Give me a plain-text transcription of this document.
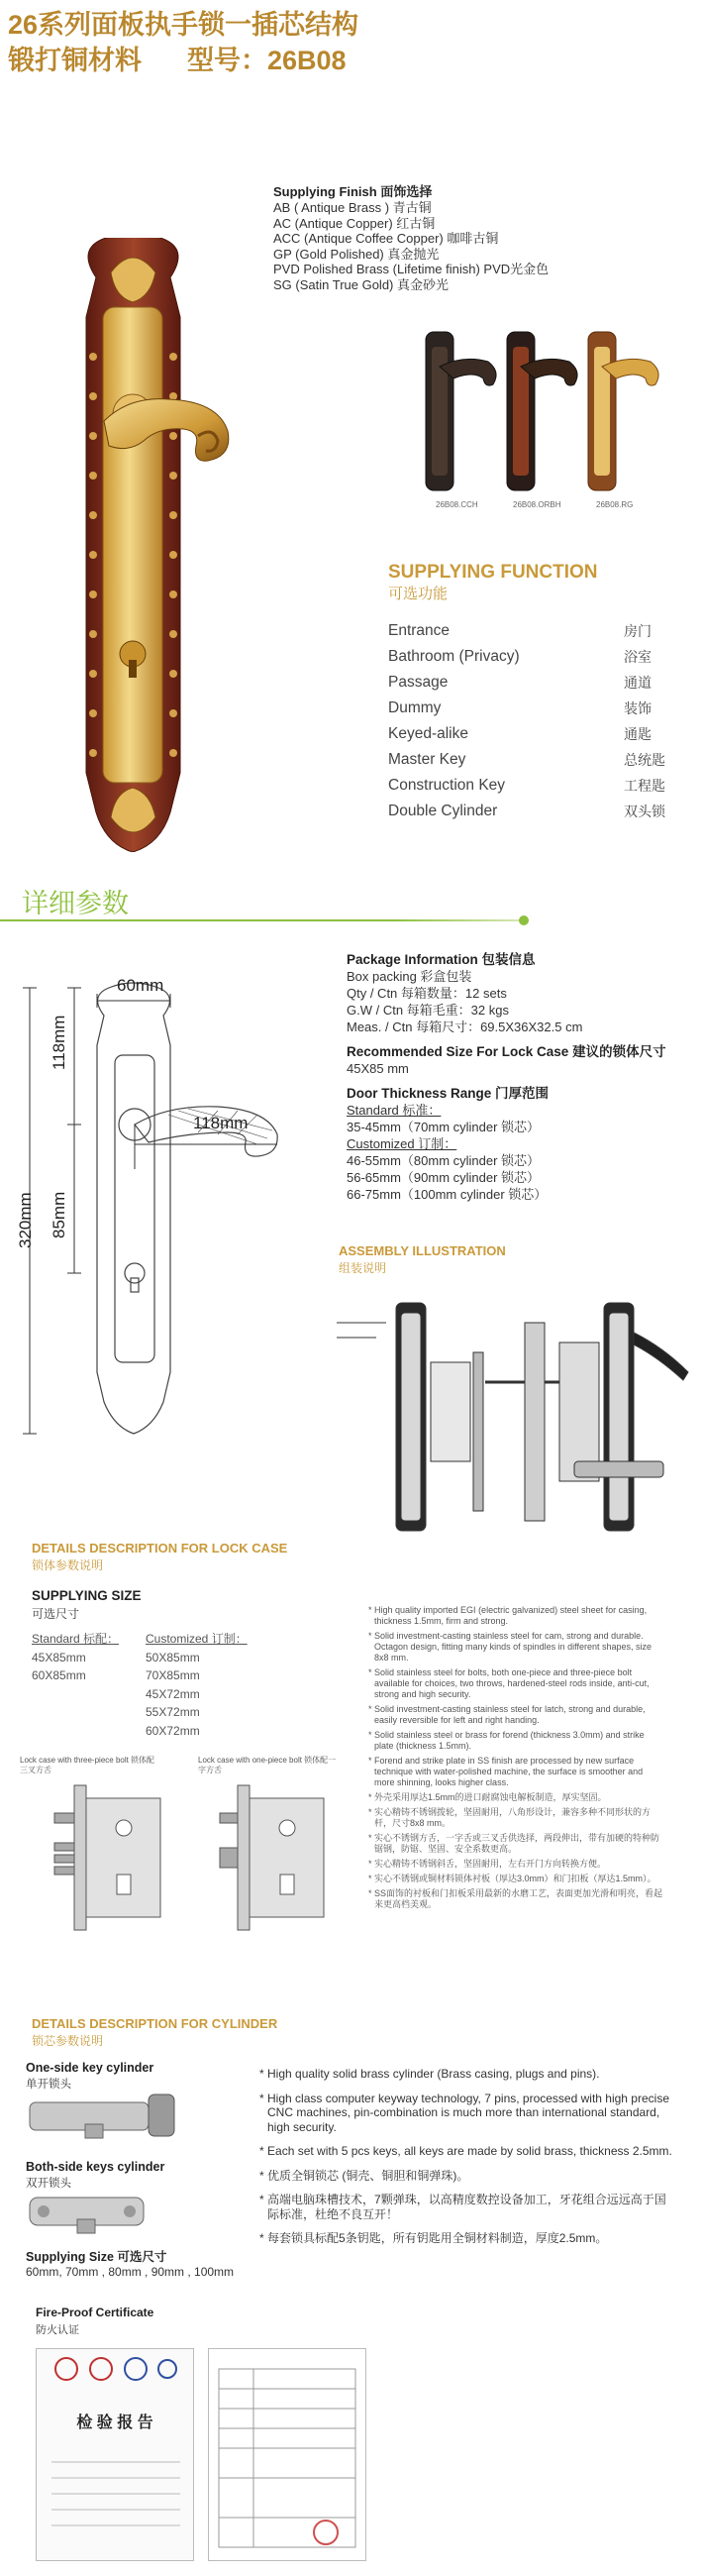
26系列面板执手锁一插芯结构
锻打铜材料 型号：26B08
Supplying Finish 面饰选择
AB ( Antique Brass ) 青古铜
AC (Antique Copper) 红古铜
ACC (Antique Coffee Copper) 咖啡古铜
GP (Gold Polished) 真金抛光
PVD Polished Brass (Lifetime finish) PVD光金色
SG (Satin True Gold) 真金砂光
26B08.CCH	26B08.ORBH	26B08.RG
SUPPLYING FUNCTION
可选功能
Entrance	房门
Bathroom (Privacy)	浴室
Passage	通道
Dummy	装饰
Keyed-alike	通匙
Master Key	总统匙
Construction Key	工程匙
Double Cylinder	双头锁
详细参数
60mm
118mm
118mm
320mm 85mm
Package Information 包装信息
Box packing 彩盒包装
Qty / Ctn 每箱数量：12 sets
G.W / Ctn 每箱毛重：32 kgs
Meas. / Ctn 每箱尺寸：69.5X36X32.5 cm
Recommended Size For Lock Case 建议的锁体尺寸
45X85 mm
Door Thickness Range 门厚范围
Standard 标准：
35-45mm（70mm cylinder 锁芯）
Customized 订制：
46-55mm（80mm cylinder 锁芯）
56-65mm（90mm cylinder 锁芯）
66-75mm（100mm cylinder 锁芯）
ASSEMBLY ILLUSTRATION
组装说明
DETAILS DESCRIPTION FOR LOCK CASE
锁体参数说明
SUPPLYING SIZE
可选尺寸
Standard 标配：
45X85mm
60X85mm
Customized 订制：
50X85mm
70X85mm
45X72mm
55X72mm
60X72mm
* High quality imported EGI (electric galvanized) steel sheet for casing, thickness 1.5mm, firm and strong.
* Solid investment-casting stainless steel for cam, strong and durable. Octagon design, fitting many kinds of spindles in different shapes, size 8x8 mm.
* Solid stainless steel for bolts, both one-piece and three-piece bolt available for choices, two throws, hardened-steel rods inside, anti-cut, strong and high security.
* Solid investment-casting stainless steel for latch, strong and durable, easily reversible for left and right handing.
* Solid stainless steel or brass for forend (thickness 3.0mm) and strike plate (thickness 1.5mm).
* Forend and strike plate in SS finish are processed by new surface technique with water-polished machine, the surface is smoother and more shinning, looks higher class.
* 外壳采用厚达1.5mm的进口耐腐蚀电解板制造，厚实坚固。
* 实心精铸不锈钢拨轮，坚固耐用，八角形设计，兼容多种不同形状的方杆，尺寸8x8 mm。
* 实心不锈钢方舌，一字舌或三叉舌供选择，两段伸出，带有加硬的特种防锯钢，防锯、坚固、安全系数更高。
* 实心精铸不锈钢斜舌，坚固耐用，左右开门方向转换方便。
* 实心不锈钢或铜材料锁体衬板（厚达3.0mm）和门扣板（厚达1.5mm）。
* SS面饰的衬板和门扣板采用最新的水磨工艺，表面更加光滑和明亮，看起来更高档美观。
Lock case with three-piece bolt 锁体配三叉方舌
Lock case with one-piece bolt 锁体配一字方舌
DETAILS DESCRIPTION FOR CYLINDER
锁芯参数说明
One-side key cylinder
单开锁头
Both-side keys cylinder
双开锁头
Supplying Size 可选尺寸
60mm, 70mm , 80mm , 90mm , 100mm
* High quality solid brass cylinder (Brass casing, plugs and pins).
* High class computer keyway technology, 7 pins, processed with high precise CNC machines, pin-combination is much more than international standard, high security.
* Each set with 5 pcs keys, all keys are made by solid brass, thickness 2.5mm.
* 优质全铜锁芯 (铜壳、铜胆和铜弹珠)。
* 高端电脑珠槽技术，7颗弹珠，以高精度数控设备加工，牙花组合远远高于国际标准，杜绝不良互开！
* 每套锁具标配5条钥匙，所有钥匙用全铜材料制造，厚度2.5mm。
Fire-Proof Certificate
防火认证
检 验 报 告
